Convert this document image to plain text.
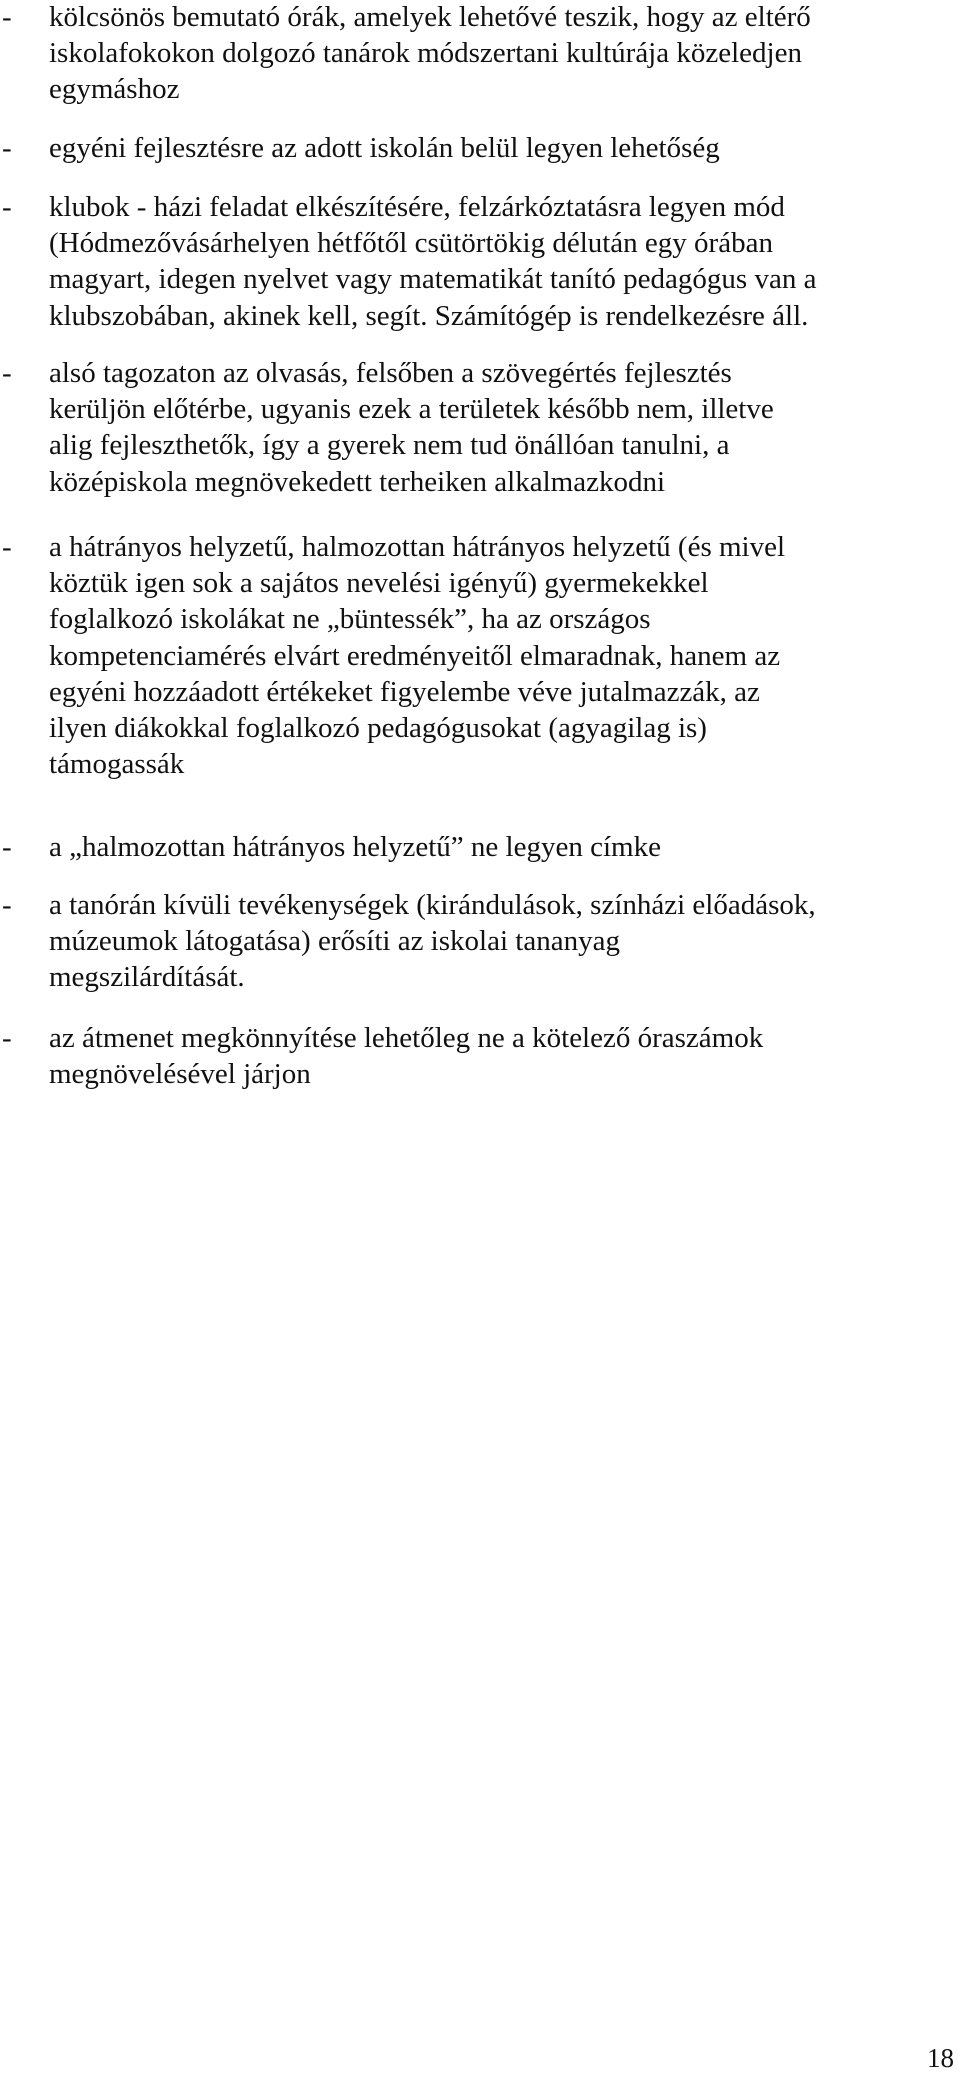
- kölcsönös bemutató órák, amelyek lehetővé teszik, hogy az eltérő
iskolafokokon dolgozó tanárok módszertani kultúrája közeledjen
egymáshoz
- egyéni fejlesztésre az adott iskolán belül legyen lehetőség
- klubok - házi feladat elkészítésére, felzárkóztatásra legyen mód
(Hódmezővásárhelyen hétfőtől csütörtökig délután egy órában
magyart, idegen nyelvet vagy matematikát tanító pedagógus van a
klubszobában, akinek kell, segít. Számítógép is rendelkezésre áll.
- alsó tagozaton az olvasás, felsőben a szövegértés fejlesztés
kerüljön előtérbe, ugyanis ezek a területek később nem, illetve
alig fejleszthetők, így a gyerek nem tud önállóan tanulni, a
középiskola megnövekedett terheiken alkalmazkodni
- a hátrányos helyzetű, halmozottan hátrányos helyzetű (és mivel
köztük igen sok a sajátos nevelési igényű) gyermekekkel
foglalkozó iskolákat ne „büntessék”, ha az országos
kompetenciamérés elvárt eredményeitől elmaradnak, hanem az
egyéni hozzáadott értékeket figyelembe véve jutalmazzák, az
ilyen diákokkal foglalkozó pedagógusokat (agyagilag is)
támogassák
- a „halmozottan hátrányos helyzetű” ne legyen címke
- a tanórán kívüli tevékenységek (kirándulások, színházi előadások,
múzeumok látogatása) erősíti az iskolai tananyag
megszilárdítását.
- az átmenet megkönnyítése lehetőleg ne a kötelező óraszámok
megnövelésével járjon
18
